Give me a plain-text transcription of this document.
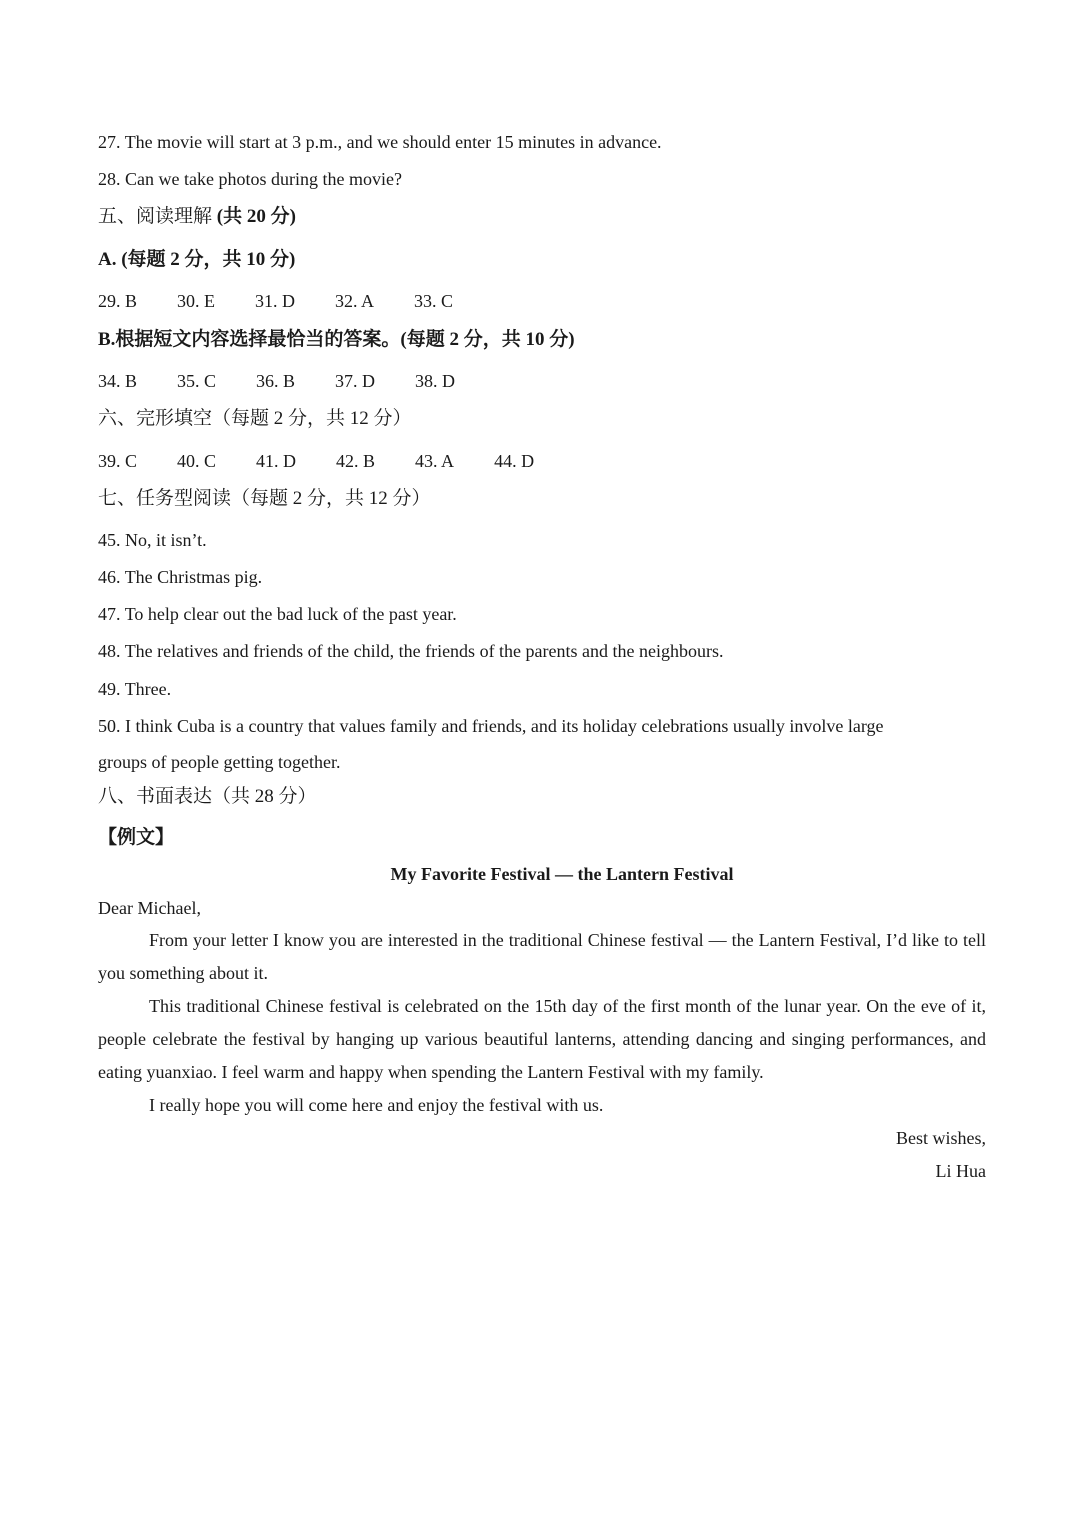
27. The movie will start at 3 p.m., and we should enter 15 minutes in advance.
28. Can we take photos during the movie?
五、阅读理解 (共 20 分)
A. (每题 2 分，共 10 分)
29. B 30. E 31. D 32. A 33. C
B.根据短文内容选择最恰当的答案。(每题 2 分，共 10 分)
34. B 35. C 36. B 37. D 38. D
六、完形填空（每题 2 分，共 12 分）
39. C 40. C 41. D 42. B 43. A 44. D
七、任务型阅读（每题 2 分，共 12 分）
45. No, it isn’t.
46. The Christmas pig.
47. To help clear out the bad luck of the past year.
48. The relatives and friends of the child, the friends of the parents and the neighbours.
49. Three.
50. I think Cuba is a country that values family and friends, and its holiday celebrations usually involve large
groups of people getting together.
八、书面表达（共 28 分）
【例文】
My Favorite Festival — the Lantern Festival
Dear Michael,
From your letter I know you are interested in the traditional Chinese festival — the Lantern Festival, I’d like to tell you something about it.
This traditional Chinese festival is celebrated on the 15th day of the first month of the lunar year. On the eve of it, people celebrate the festival by hanging up various beautiful lanterns, attending dancing and singing performances, and eating yuanxiao. I feel warm and happy when spending the Lantern Festival with my family.
I really hope you will come here and enjoy the festival with us.
Best wishes,
Li Hua
